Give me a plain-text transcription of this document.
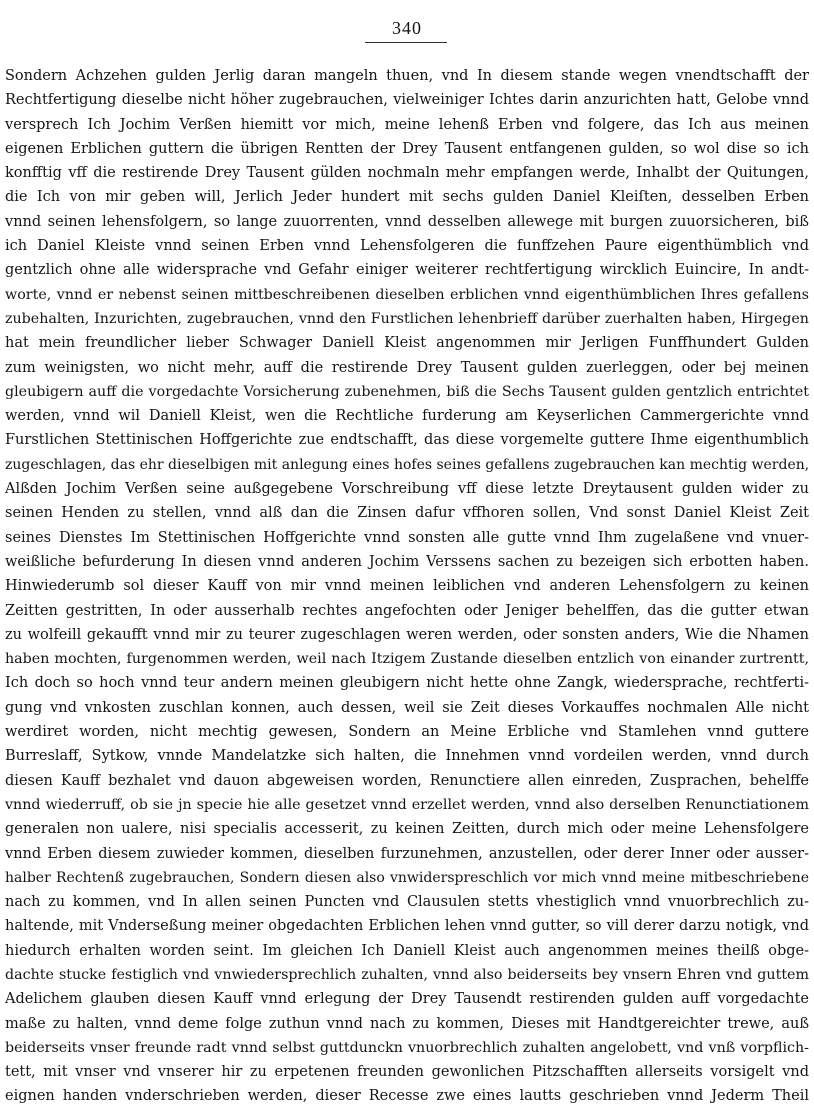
340
Sondern Achzehen gulden Jerlig daran mangeln thuen, vnd In diesem stande wegen vnendtschafft der
Rechtfertigung dieselbe nicht höher zugebrauchen, vielweiniger Ichtes darin anzurichten hatt, Gelobe vnnd
versprech Ich Jochim Verßen hiemitt vor mich, meine lehenß Erben vnd folgere, das Ich aus meinen
eigenen Erblichen guttern die übrigen Rentten der Drey Tausent entfangenen gulden, so wol dise so ich
konfftig vff die restirende Drey Tausent gülden nochmaln mehr empfangen werde, Inhalbt der Quitungen,
die Ich von mir geben will, Jerlich Jeder hundert mit sechs gulden Daniel Kleiſten, desselben Erben
vnnd seinen lehensfolgern, so lange zuuorrenten, vnnd desselben allewege mit burgen zuuorsicheren, biß
ich Daniel Kleiste vnnd seinen Erben vnnd Lehensfolgeren die funffzehen Paure eigenthümblich vnd
gentzlich ohne alle widersprache vnd Gefahr einiger weiterer rechtfertigung wircklich Euincire, In andt-
worte, vnnd er nebenst seinen mittbeschreibenen dieselben erblichen vnnd eigenthümblichen Ihres gefallens
zubehalten, Inzurichten, zugebrauchen, vnnd den Furstlichen lehenbrieff darüber zuerhalten haben, Hirgegen
hat mein freundlicher lieber Schwager Daniell Kleist angenommen mir Jerligen Funffhundert Gulden
zum weinigsten, wo nicht mehr, auff die restirende Drey Tausent gulden zuerleggen, oder bej meinen
gleubigern auff die vorgedachte Vorsicherung zubenehmen, biß die Sechs Tausent gulden gentzlich entrichtet
werden, vnnd wil Daniell Kleist, wen die Rechtliche furderung am Keyserlichen Cammergerichte vnnd
Furstlichen Stettinischen Hoffgerichte zue endtschafft, das diese vorgemelte guttere Ihme eigenthumblich
zugeschlagen, das ehr dieselbigen mit anlegung eines hofes seines gefallens zugebrauchen kan mechtig werden,
Alßden Jochim Verßen seine außgegebene Vorschreibung vff diese letzte Dreytausent gulden wider zu
seinen Henden zu stellen, vnnd alß dan die Zinsen dafur vffhoren sollen, Vnd sonst Daniel Kleist Zeit
seines Dienstes Im Stettinischen Hoffgerichte vnnd sonsten alle gutte vnnd Ihm zugelaßene vnd vnuer-
weißliche befurderung In diesen vnnd anderen Jochim Verssens sachen zu bezeigen sich erbotten haben.
Hinwiederumb sol dieser Kauff von mir vnnd meinen leiblichen vnd anderen Lehensfolgern zu keinen
Zeitten gestritten, In oder ausserhalb rechtes angefochten oder Jeniger behelffen, das die gutter etwan
zu wolfeill gekaufft vnnd mir zu teurer zugeschlagen weren werden, oder sonsten anders, Wie die Nhamen
haben mochten, furgenommen werden, weil nach Itzigem Zustande dieselben entzlich von einander zurtrentt,
Ich doch so hoch vnnd teur andern meinen gleubigern nicht hette ohne Zangk, wiedersprache, rechtferti-
gung vnd vnkosten zuschlan konnen, auch dessen, weil sie Zeit dieses Vorkauffes nochmalen Alle nicht
werdiret worden, nicht mechtig gewesen, Sondern an Meine Erbliche vnd Stamlehen vnnd guttere
Burreslaff, Sytkow, vnnde Mandelatzke sich halten, die Innehmen vnnd vordeilen werden, vnnd durch
diesen Kauff bezhalet vnd dauon abgeweisen worden, Renunctiere allen einreden, Zusprachen, behelffe
vnnd wiederruff, ob sie jn specie hie alle gesetzet vnnd erzellet werden, vnnd also derselben Renunctiationem
generalen non ualere, nisi specialis accesserit, zu keinen Zeitten, durch mich oder meine Lehensfolgere
vnnd Erben diesem zuwieder kommen, dieselben furzunehmen, anzustellen, oder derer Inner oder ausser-
halber Rechtenß zugebrauchen, Sondern diesen also vnwiderspreschlich vor mich vnnd meine mitbeschriebene
nach zu kommen, vnd In allen seinen Puncten vnd Clausulen stetts vhestiglich vnnd vnuorbrechlich zu-
haltende, mit Vnderseßung meiner obgedachten Erblichen lehen vnnd gutter, so vill derer darzu notigk, vnd
hiedurch erhalten worden seint. Im gleichen Ich Daniell Kleist auch angenommen meines theilß obge-
dachte stucke festiglich vnd vnwiedersprechlich zuhalten, vnnd also beiderseits bey vnsern Ehren vnd guttem
Adelichem glauben diesen Kauff vnnd erlegung der Drey Tausendt restirenden gulden auff vorgedachte
maße zu halten, vnnd deme folge zuthun vnnd nach zu kommen, Dieses mit Handtgereichter trewe, auß
beiderseits vnser freunde radt vnnd selbst guttdunckn vnuorbrechlich zuhalten angelobett, vnd vnß vorpflich-
tett, mit vnser vnd vnserer hir zu erpetenen freunden gewonlichen Pitzschafften allerseits vorsigelt vnd
eignen handen vnderschrieben werden, dieser Recesse zwe eines lautts geschrieben vnnd Jederm Theil
